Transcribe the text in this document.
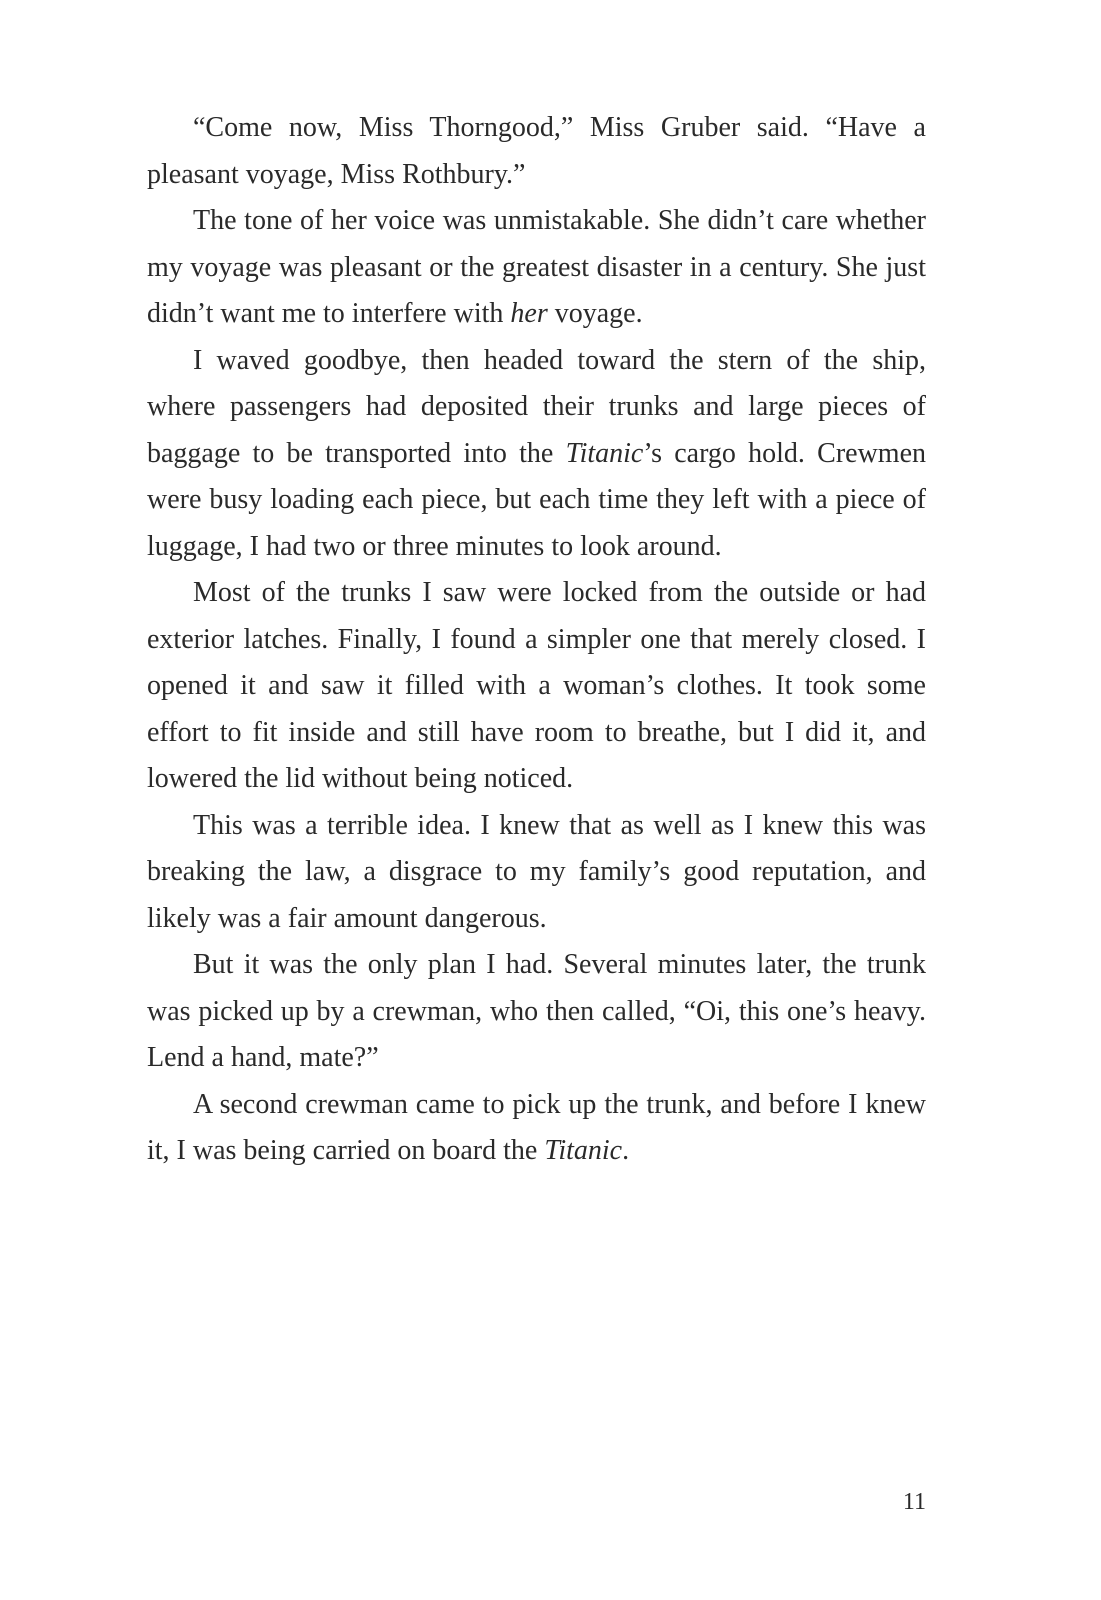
“Come now, Miss Thorngood,” Miss Gruber said. “Have a pleasant voyage, Miss Rothbury.”

The tone of her voice was unmistakable. She didn’t care whether my voyage was pleasant or the greatest disaster in a century. She just didn’t want me to interfere with her voyage.

I waved goodbye, then headed toward the stern of the ship, where passengers had deposited their trunks and large pieces of baggage to be transported into the Titanic’s cargo hold. Crewmen were busy loading each piece, but each time they left with a piece of luggage, I had two or three minutes to look around.

Most of the trunks I saw were locked from the outside or had exterior latches. Finally, I found a simpler one that merely closed. I opened it and saw it filled with a woman’s clothes. It took some effort to fit inside and still have room to breathe, but I did it, and lowered the lid without being noticed.

This was a terrible idea. I knew that as well as I knew this was breaking the law, a disgrace to my family’s good reputation, and likely was a fair amount dangerous.

But it was the only plan I had. Several minutes later, the trunk was picked up by a crewman, who then called, “Oi, this one’s heavy. Lend a hand, mate?”

A second crewman came to pick up the trunk, and before I knew it, I was being carried on board the Titanic.

11
